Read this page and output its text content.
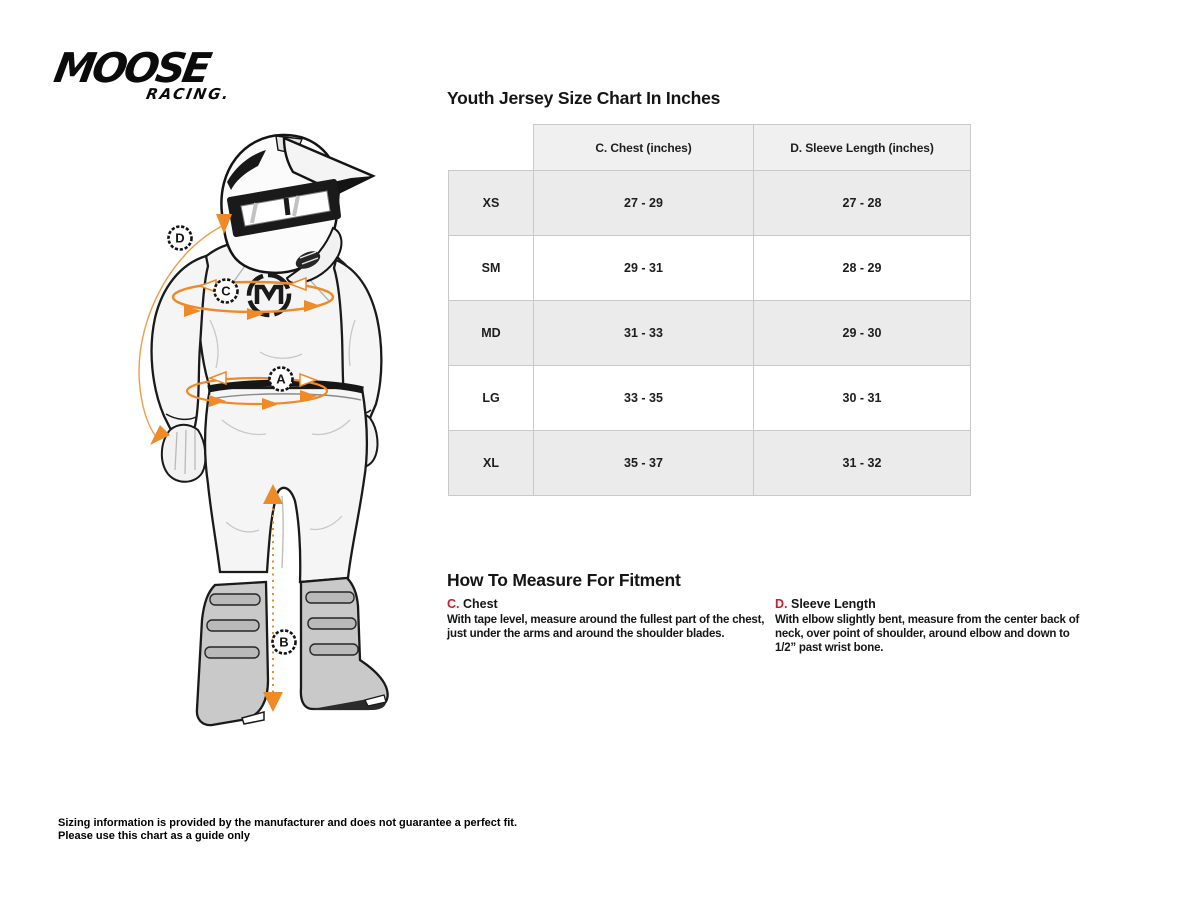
MOOSE
RACING.	Youth Jersey Size Chart In Inches
	C. Chest (inches)	D. Sleeve Length (inches)
XS	27 - 29	27 - 28
SM	29 - 31	28 - 29
MD	31 - 33	29 - 30
LG	33 - 35	30 - 31
XL	35 - 37	31 - 32
D
C
A
B
How To Measure For Fitment
C. Chest

With tape level, measure around the fullest part of the chest, just under the arms and around the shoulder blades.

D. Sleeve Length

With elbow slightly bent, measure from the center back of neck, over point of shoulder, around elbow and down to 1/2” past wrist bone.

Sizing information is provided by the manufacturer and does not guarantee a perfect fit.
Please use this chart as a guide only
